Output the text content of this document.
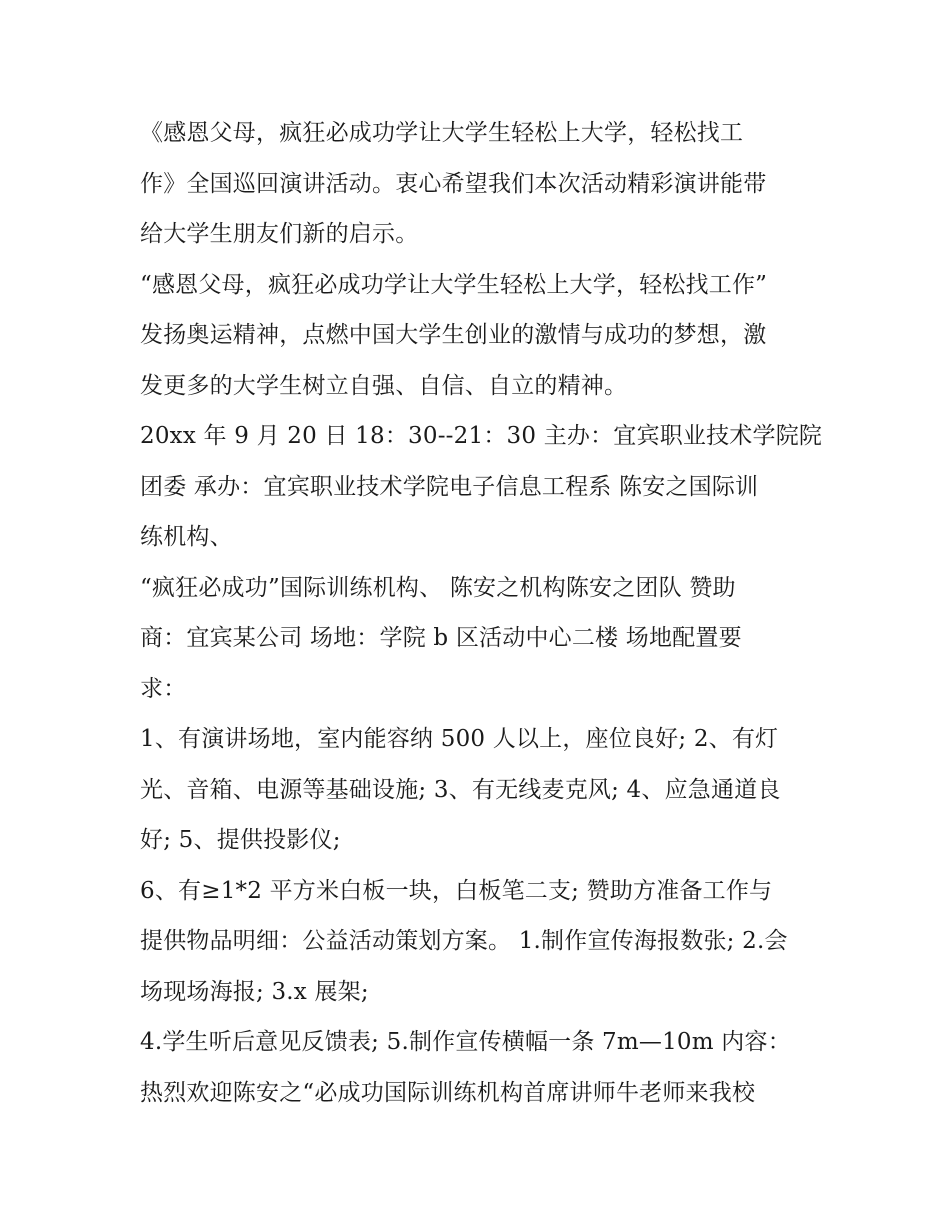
《感恩父母，疯狂必成功学让大学生轻松上大学，轻松找工
作》全国巡回演讲活动。衷心希望我们本次活动精彩演讲能带
给大学生朋友们新的启示。
“感恩父母，疯狂必成功学让大学生轻松上大学，轻松找工作”
发扬奥运精神，点燃中国大学生创业的激情与成功的梦想，激
发更多的大学生树立自强、自信、自立的精神。
20xx 年 9 月 20 日 18：30--21：30 主办：宜宾职业技术学院院
团委 承办：宜宾职业技术学院电子信息工程系 陈安之国际训
练机构、
“疯狂必成功”国际训练机构、 陈安之机构陈安之团队 赞助
商：宜宾某公司 场地：学院 b 区活动中心二楼 场地配置要
求：
1、有演讲场地，室内能容纳 500 人以上，座位良好; 2、有灯
光、音箱、电源等基础设施; 3、有无线麦克风; 4、应急通道良
好; 5、提供投影仪;
6、有≥1*2 平方米白板一块，白板笔二支; 赞助方准备工作与
提供物品明细：公益活动策划方案。 1.制作宣传海报数张; 2.会
场现场海报; 3.x 展架;
4.学生听后意见反馈表; 5.制作宣传横幅一条 7m—10m 内容：
热烈欢迎陈安之“必成功国际训练机构首席讲师牛老师来我校
